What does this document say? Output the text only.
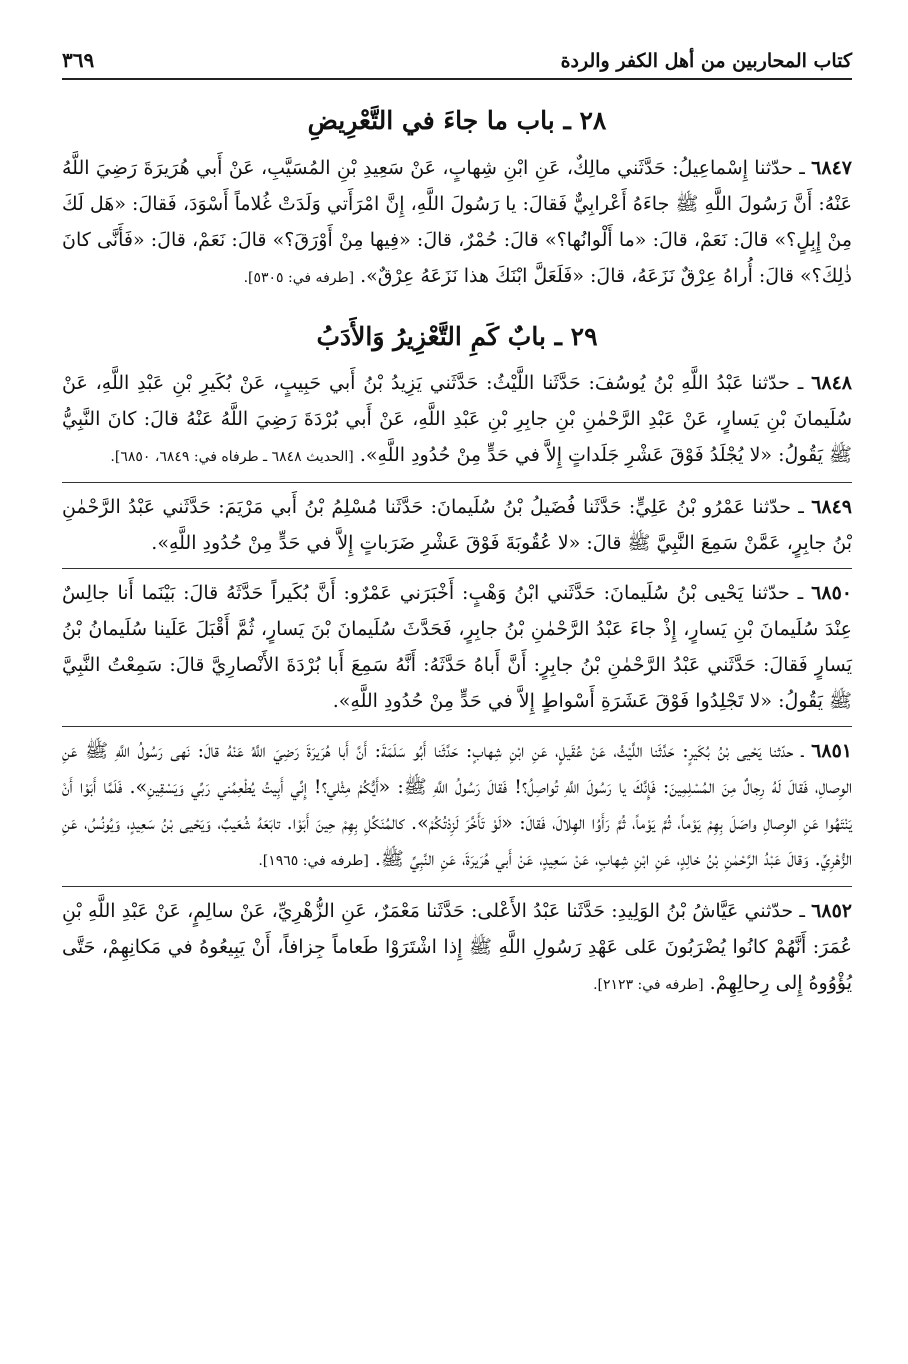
كتاب المحاربين من أهل الكفر والردة
٣٦٩
٢٨ ـ باب ما جاءَ في التَّعْرِيضِ

٦٨٤٧ ـ حدّثنا إِسْماعِيلُ: حَدَّثَني مالِكٌ، عَنِ ابْنِ شِهابٍ، عَنْ سَعِيدِ بْنِ المُسَيَّبِ، عَنْ أَبي هُرَيرَةَ رَضِيَ اللَّهُ عَنْهُ: أَنَّ رَسُولَ اللَّهِ ﷺ جاءَهُ أَعْرابِيٌّ فَقالَ: يا رَسُولَ اللَّهِ، إِنَّ امْرَأَتي وَلَدَتْ غُلاماً أَسْوَدَ، فَقالَ: «هَل لَكَ مِنْ إِبِلٍ؟» قالَ: نَعَمْ، قالَ: «ما أَلْوانُها؟» قالَ: حُمْرٌ، قالَ: «فِيها مِنْ أَوْرَقَ؟» قالَ: نَعَمْ، قالَ: «فَأَنَّى كانَ ذٰلِكَ؟» قالَ: أُراهُ عِرْقٌ نَزَعَهُ، قالَ: «فَلَعَلَّ ابْنَكَ هذا نَزَعَهُ عِرْقٌ». [طرفه في: ٥٣٠٥].

٢٩ ـ بابٌ كَمِ التَّعْزِيرُ وَالأَدَبُ

٦٨٤٨ ـ حدّثنا عَبْدُ اللَّهِ بْنُ يُوسُفَ: حَدَّثَنا اللَّيْثُ: حَدَّثَني يَزِيدُ بْنُ أَبي حَبِيبٍ، عَنْ بُكَيرِ بْنِ عَبْدِ اللَّهِ، عَنْ سُلَيمانَ بْنِ يَسارٍ، عَنْ عَبْدِ الرَّحْمٰنِ بْنِ جابِرِ بْنِ عَبْدِ اللَّهِ، عَنْ أَبي بُرْدَةَ رَضِيَ اللَّهُ عَنْهُ قالَ: كانَ النَّبِيُّ ﷺ يَقُولُ: «لا يُجْلَدُ فَوْقَ عَشْرِ جَلَداتٍ إِلاَّ في حَدٍّ مِنْ حُدُودِ اللَّهِ». [الحديث ٦٨٤٨ ـ طرفاه في: ٦٨٤٩، ٦٨٥٠].

٦٨٤٩ ـ حدّثنا عَمْرُو بْنُ عَلِيٍّ: حَدَّثَنا فُضَيلُ بْنُ سُلَيمانَ: حَدَّثَنا مُسْلِمُ بْنُ أَبي مَرْيَمَ: حَدَّثَني عَبْدُ الرَّحْمٰنِ بْنُ جابِرٍ، عَمَّنْ سَمِعَ النَّبِيَّ ﷺ قالَ: «لا عُقُوبَةَ فَوْقَ عَشْرِ ضَرَباتٍ إِلاَّ في حَدٍّ مِنْ حُدُودِ اللَّهِ».

٦٨٥٠ ـ حدّثنا يَحْيى بْنُ سُلَيمانَ: حَدَّثَني ابْنُ وَهْبٍ: أَخْبَرَني عَمْرٌو: أَنَّ بُكَيراً حَدَّثَهُ قالَ: بَيْنَما أَنا جالِسٌ عِنْدَ سُلَيمانَ بْنِ يَسارٍ، إِذْ جاءَ عَبْدُ الرَّحْمٰنِ بْنُ جابِرٍ، فَحَدَّثَ سُلَيمانَ بْنَ يَسارٍ، ثُمَّ أَقْبَلَ عَلَينا سُلَيمانُ بْنُ يَسارٍ فَقالَ: حَدَّثَني عَبْدُ الرَّحْمٰنِ بْنُ جابِرٍ: أَنَّ أَباهُ حَدَّثَهُ: أَنَّهُ سَمِعَ أَبا بُرْدَةَ الأَنْصارِيَّ قالَ: سَمِعْتُ النَّبِيَّ ﷺ يَقُولُ: «لا تَجْلِدُوا فَوْقَ عَشَرَةِ أَسْواطٍ إِلاَّ في حَدٍّ مِنْ حُدُودِ اللَّهِ».

٦٨٥١ ـ حدّثنا يَحْيى بْنُ بُكَيرٍ: حَدَّثَنا اللَّيْثُ، عَنْ عُقَيلٍ، عَنِ ابْنِ شِهابٍ: حَدَّثَنا أَبُو سَلَمَةَ: أَنَّ أَبا هُرَيرَةَ رَضِيَ اللَّهُ عَنْهُ قالَ: نَهى رَسُولُ اللَّهِ ﷺ عَنِ الوِصالِ، فَقالَ لَهُ رِجالٌ مِنَ المُسْلِمِينَ: فَإِنَّكَ يا رَسُولَ اللَّهِ تُواصِلُ؟! فَقالَ رَسُولُ اللَّهِ ﷺ: «أَيُّكُمْ مِثْلي؟! إِنِّي أَبِيتُ يُطْعِمُني رَبِّي وَيَسْقِينِ». فَلَمَّا أَبَوْا أَنْ يَنْتَهُوا عَنِ الوِصالِ واصَلَ بِهِمْ يَوْماً، ثُمَّ يَوْماً، ثُمَّ رَأَوُا الهِلالَ، فَقالَ: «لَوْ تَأَخَّرَ لَزِدْتُكُمْ». كالمُنَكِّلِ بِهِمْ حِينَ أَبَوْا. تابَعَهُ شُعَيبٌ، وَيَحْيى بْنُ سَعِيدٍ، وَيُونُسُ، عَنِ الزُّهْرِيِّ. وَقالَ عَبْدُ الرَّحْمٰنِ بْنُ خالِدٍ، عَنِ ابْنِ شِهابٍ، عَنْ سَعِيدٍ، عَنْ أَبي هُرَيرَةَ، عَنِ النَّبِيِّ ﷺ. [طرفه في: ١٩٦٥].

٦٨٥٢ ـ حدّثني عَيَّاشُ بْنُ الوَلِيدِ: حَدَّثَنا عَبْدُ الأَعْلى: حَدَّثَنا مَعْمَرٌ، عَنِ الزُّهْرِيِّ، عَنْ سالِمٍ، عَنْ عَبْدِ اللَّهِ بْنِ عُمَرَ: أَنَّهُمْ كانُوا يُضْرَبُونَ عَلى عَهْدِ رَسُولِ اللَّهِ ﷺ إِذا اشْتَرَوْا طَعاماً جِزافاً، أَنْ يَبِيعُوهُ في مَكانِهِمْ، حَتَّى يُؤْوُوهُ إِلى رِحالِهِمْ. [طرفه في: ٢١٢٣].
